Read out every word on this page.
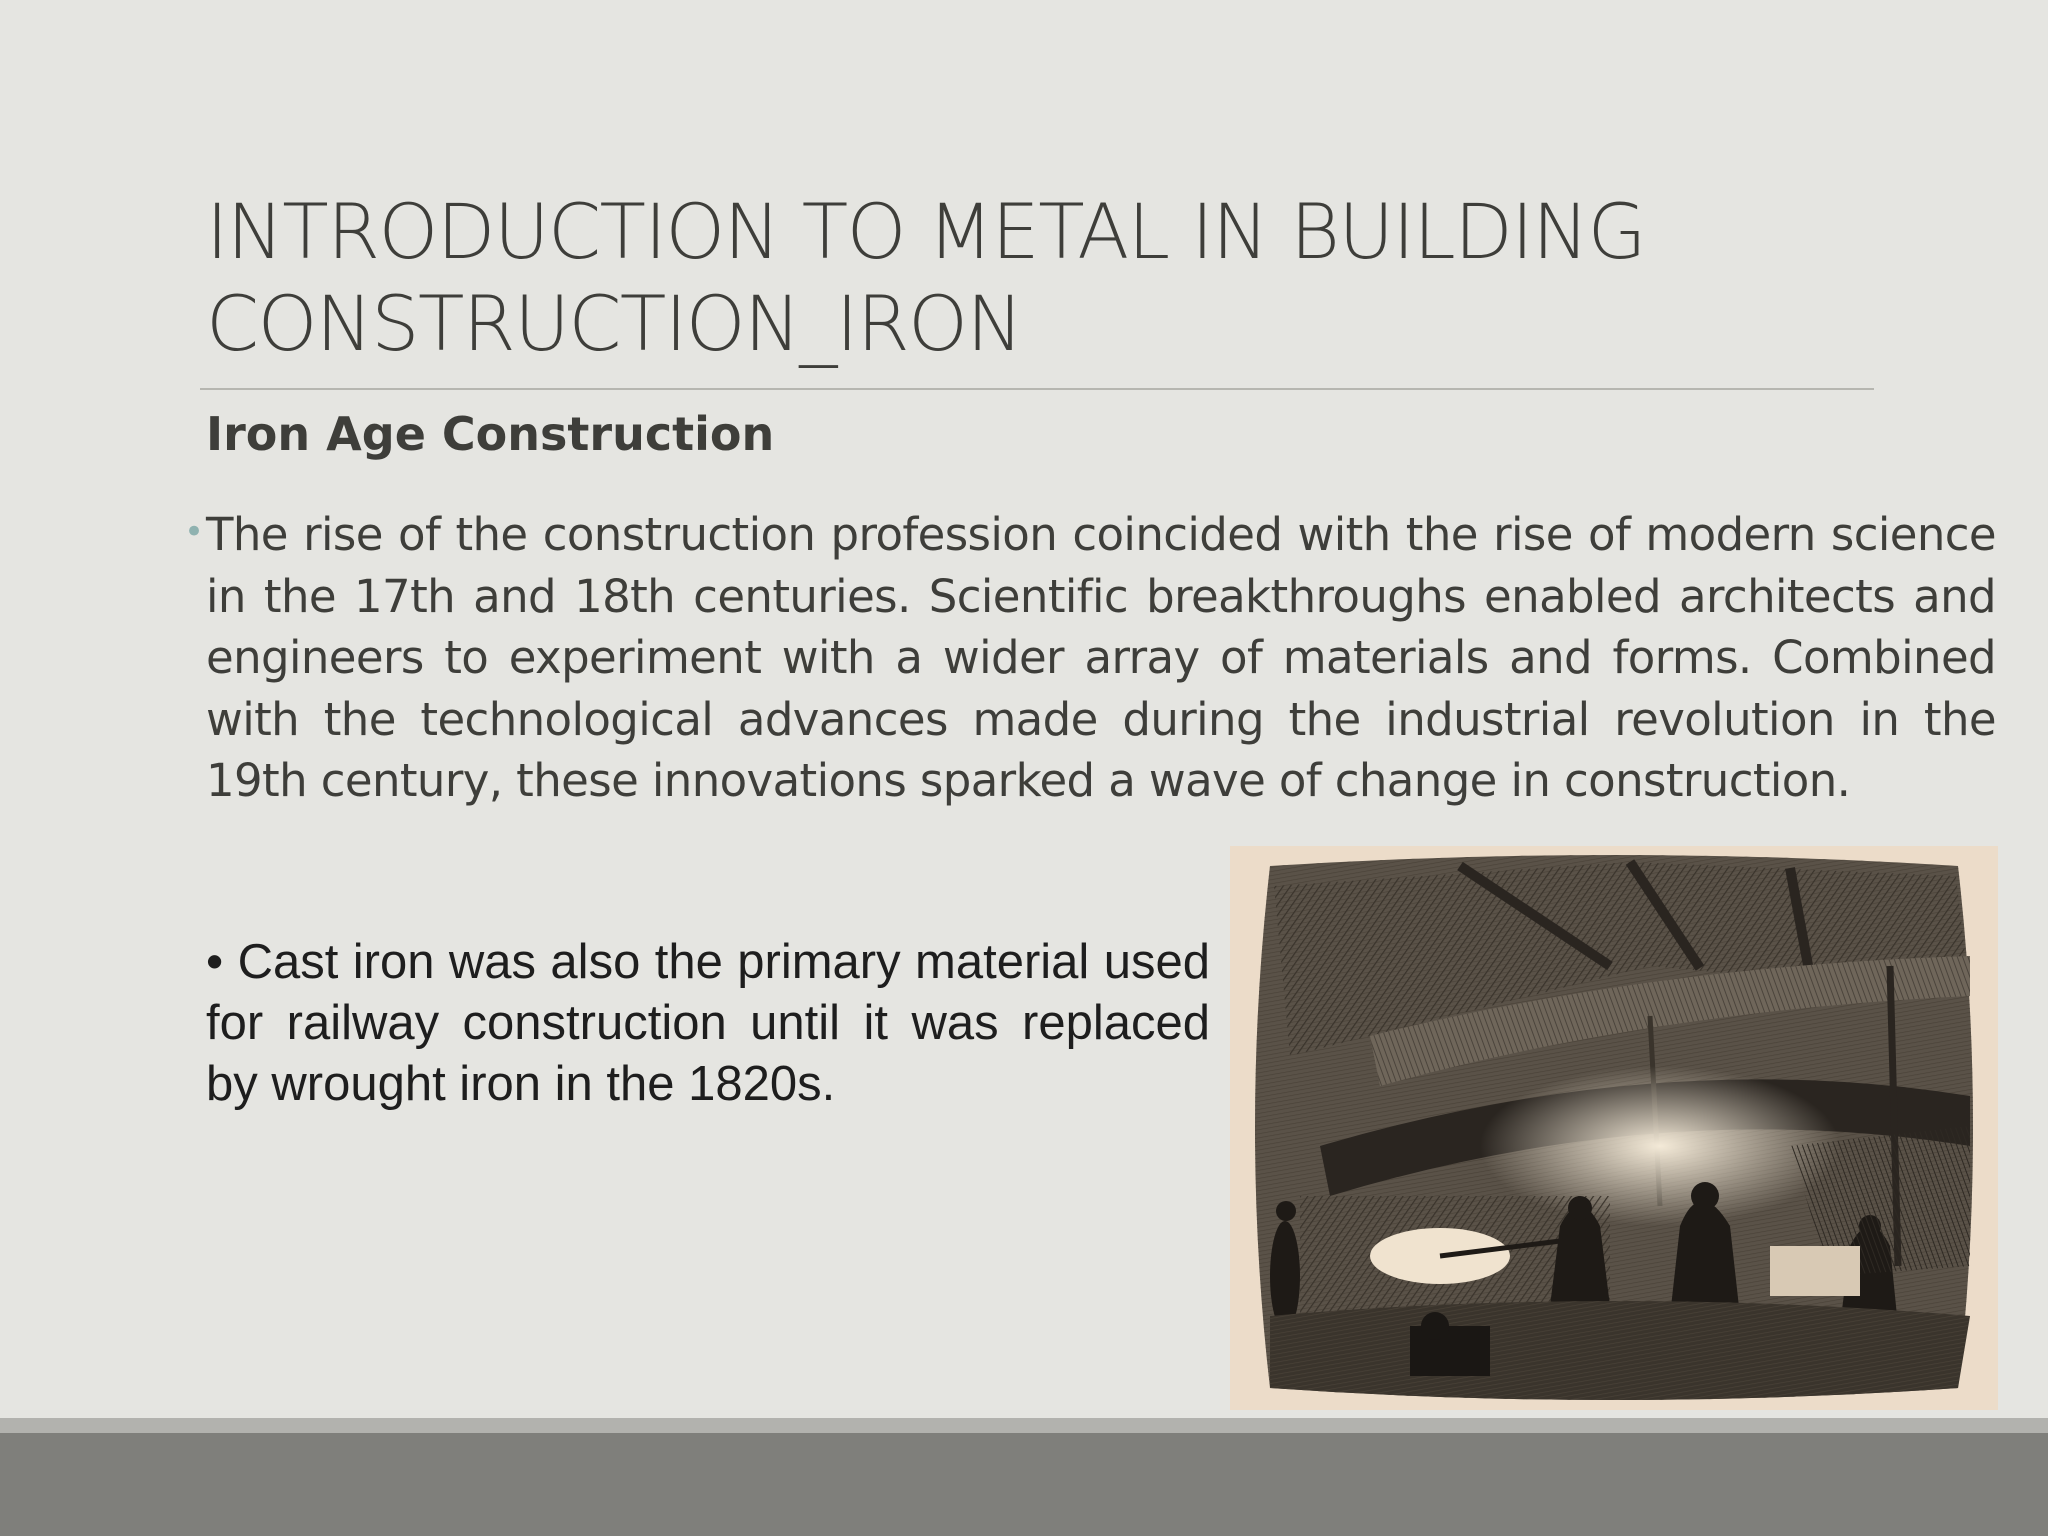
INTRODUCTION TO METAL IN BUILDING
CONSTRUCTION_IRON
Iron Age Construction
• The rise of the construction profession coincided with the rise of modern science in the 17th and 18th centuries. Scientific breakthroughs enabled architects and engineers to experiment with a wider array of materials and forms. Combined with the technological advances made during the industrial revolution in the 19th century, these innovations sparked a wave of change in construction.

• Cast iron was also the primary material used for railway construction until it was replaced by wrought iron in the 1820s.
